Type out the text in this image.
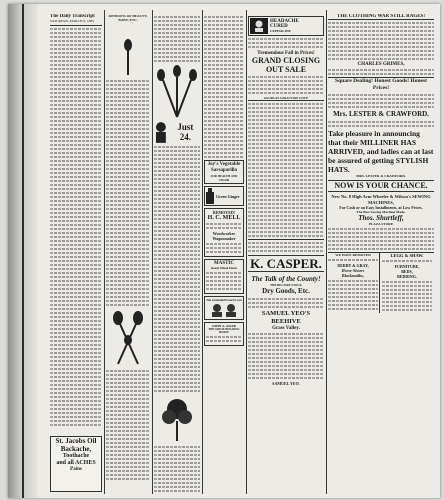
The Daily Transcript
SATURDAY, MARCH 9, 1889
St. Jacobs Oil
Backache,
Toothache
and all ACHES
Pains
OPINIONS OF BEAUTY, BABY, ETC.
Just 24.
Joy's Vegetable Sarsaparilla
FOR HEALTH AND VIGOR
Green Ginger
REMOVED!
H. C. MELL
Woodworker
Wagonmaker
MASTIC
Ready Mixed Paints
The Gutenfeld French Corn
JOHN A. RAPP,
THE GREAT BUILDING HORSE
HEADACHE
CURED
CEPHALINE
Tremendous Fall in Prices!
GRAND CLOSING OUT SALE
GOODS AT A FRACTION COST!
K. CASPER.
The Talk of the County!
THE BIG FIRE STOCK
Dry Goods, Etc.
SAMUEL YEO'S BEEHIVE
Grass Valley.
SAMUEL YEO.
THE CLOTHING WAR STILL RAGES!
CHARLES GRIMES,
Square Dealing! Honest Goods! Honest Prices!
Mrs. LESTER & CRAWFORD.
Take pleasure in announcing that their MILLINER HAS ARRIVED, and ladies can at last be assured of getting STYLISH HATS.
MRS. LESTER & CRAWFORD.
NOW IS YOUR CHANCE.
New No. 8 High Arm Wheeler & Wilson's SEWING MACHINES,
For Cash or on Easy Installments, at Low Prices.
The Best Sewing Machine Made.
Thos. Shurtleff,
PLAZA STORE
WE HAVE REMOVED
DERBY & GRAY,
Horse-Shoers
Blacksmiths,
LEGG & SHAW.
FURNITURE,
BEDS,
BEDDING.
